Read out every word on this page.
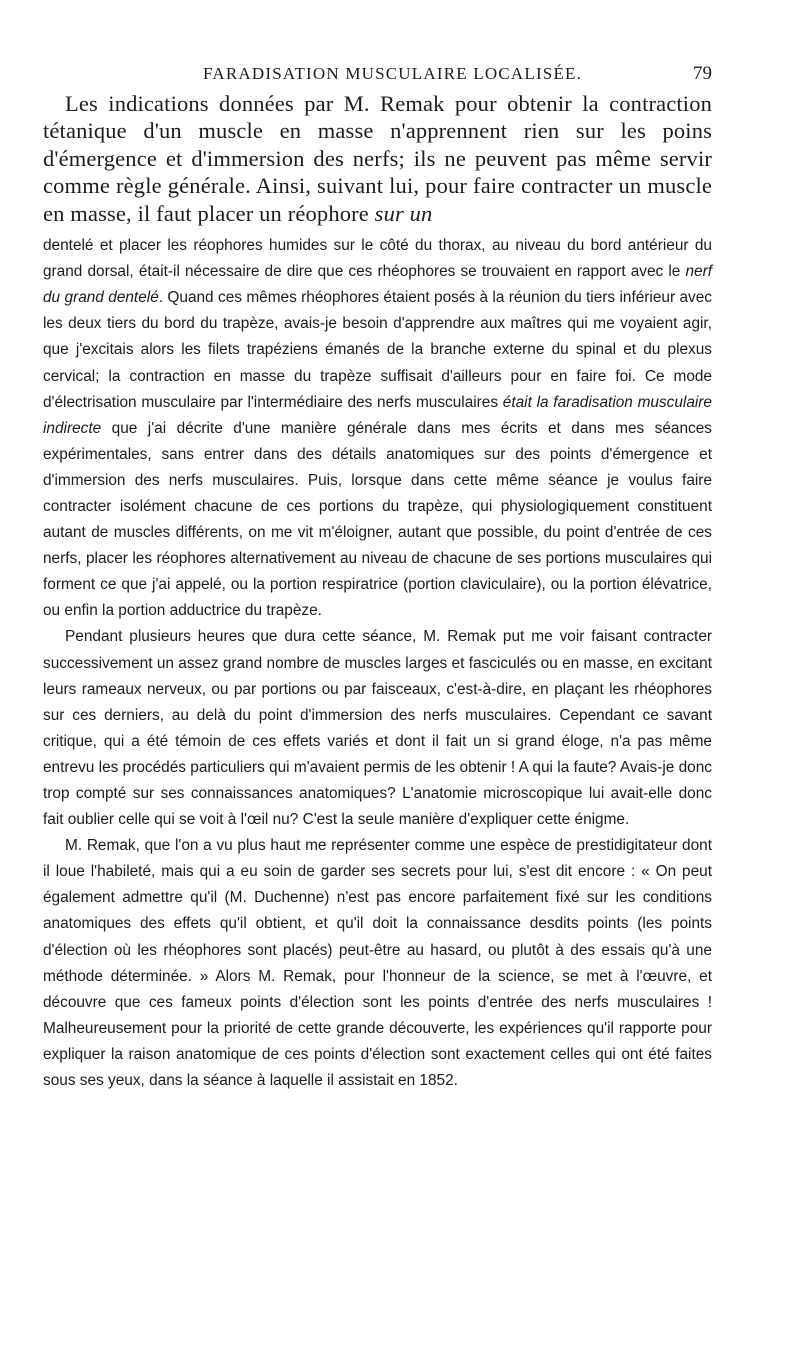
FARADISATION MUSCULAIRE LOCALISÉE.	79

Les indications données par M. Remak pour obtenir la contraction tétanique d'un muscle en masse n'apprennent rien sur les poins d'émergence et d'immersion des nerfs; ils ne peuvent pas même servir comme règle générale. Ainsi, suivant lui, pour faire contracter un muscle en masse, il faut placer un réophore sur un

dentelé et placer les réophores humides sur le côté du thorax, au niveau du bord antérieur du grand dorsal, était-il nécessaire de dire que ces rhéophores se trouvaient en rapport avec le nerf du grand dentelé. Quand ces mêmes rhéophores étaient posés à la réunion du tiers inférieur avec les deux tiers du bord du trapèze, avais-je besoin d'apprendre aux maîtres qui me voyaient agir, que j'excitais alors les filets trapéziens émanés de la branche externe du spinal et du plexus cervical; la contraction en masse du trapèze suffisait d'ailleurs pour en faire foi. Ce mode d'électrisation musculaire par l'intermédiaire des nerfs musculaires était la faradisation musculaire indirecte que j'ai décrite d'une manière générale dans mes écrits et dans mes séances expérimentales, sans entrer dans des détails anatomiques sur des points d'émergence et d'immersion des nerfs musculaires. Puis, lorsque dans cette même séance je voulus faire contracter isolément chacune de ces portions du trapèze, qui physiologiquement constituent autant de muscles différents, on me vit m'éloigner, autant que possible, du point d'entrée de ces nerfs, placer les réophores alternativement au niveau de chacune de ses portions musculaires qui forment ce que j'ai appelé, ou la portion respiratrice (portion claviculaire), ou la portion élévatrice, ou enfin la portion adductrice du trapèze.

Pendant plusieurs heures que dura cette séance, M. Remak put me voir faisant contracter successivement un assez grand nombre de muscles larges et fasciculés ou en masse, en excitant leurs rameaux nerveux, ou par portions ou par faisceaux, c'est-à-dire, en plaçant les rhéophores sur ces derniers, au delà du point d'immersion des nerfs musculaires. Cependant ce savant critique, qui a été témoin de ces effets variés et dont il fait un si grand éloge, n'a pas même entrevu les procédés particuliers qui m'avaient permis de les obtenir ! A qui la faute? Avais-je donc trop compté sur ses connaissances anatomiques? L'anatomie microscopique lui avait-elle donc fait oublier celle qui se voit à l'œil nu? C'est la seule manière d'expliquer cette énigme.

M. Remak, que l'on a vu plus haut me représenter comme une espèce de prestidigitateur dont il loue l'habileté, mais qui a eu soin de garder ses secrets pour lui, s'est dit encore : « On peut également admettre qu'il (M. Duchenne) n'est pas encore parfaitement fixé sur les conditions anatomiques des effets qu'il obtient, et qu'il doit la connaissance desdits points (les points d'élection où les rhéophores sont placés) peut-être au hasard, ou plutôt à des essais qu'à une méthode déterminée. » Alors M. Remak, pour l'honneur de la science, se met à l'œuvre, et découvre que ces fameux points d'élection sont les points d'entrée des nerfs musculaires ! Malheureusement pour la priorité de cette grande découverte, les expériences qu'il rapporte pour expliquer la raison anatomique de ces points d'élection sont exactement celles qui ont été faites sous ses yeux, dans la séance à laquelle il assistait en 1852.
